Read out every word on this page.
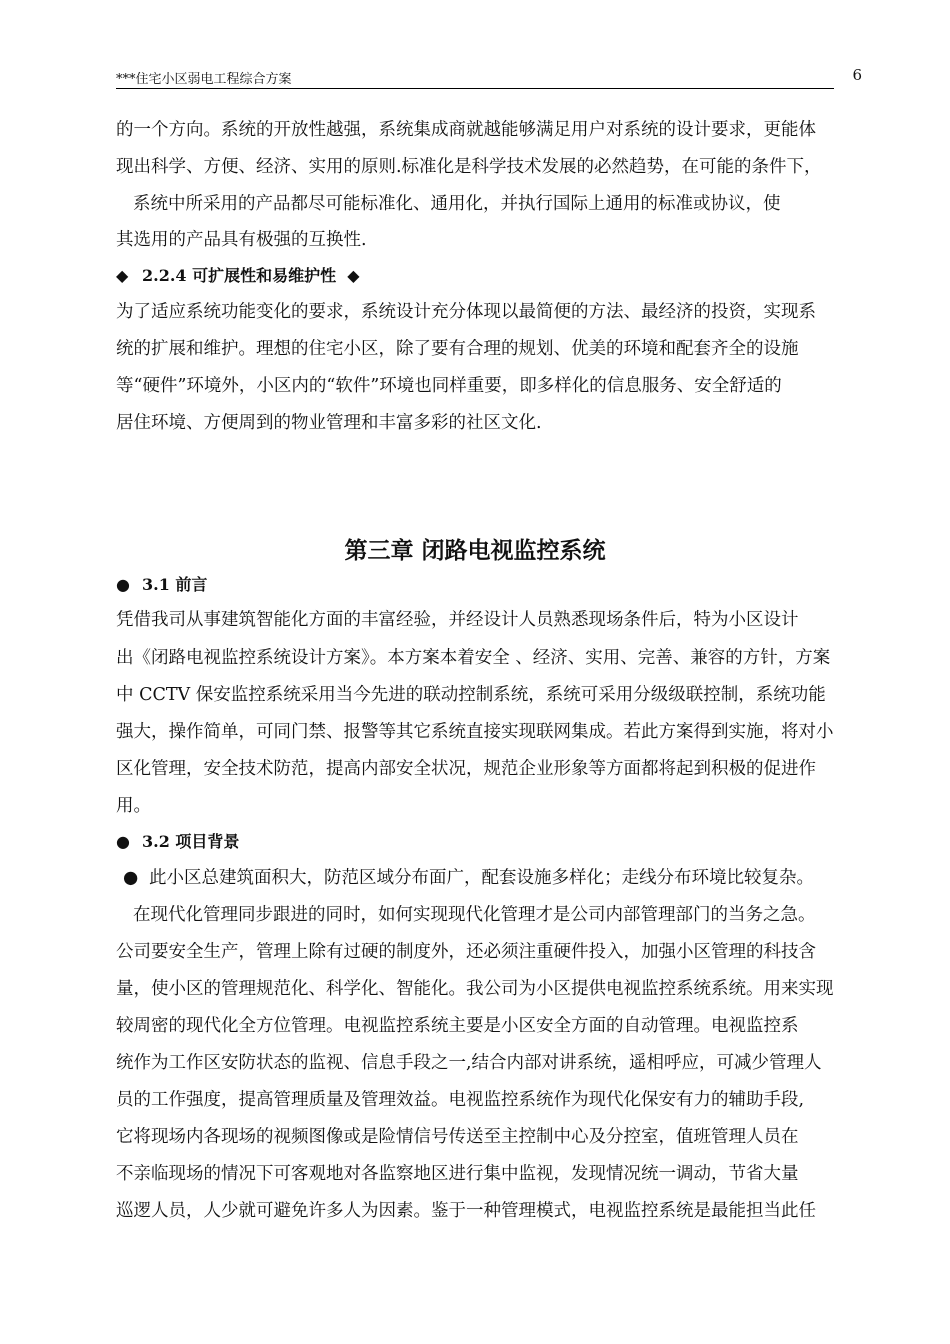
***住宅小区弱电工程综合方案	6
的一个方向。系统的开放性越强，系统集成商就越能够满足用户对系统的设计要求，更能体
现出科学、方便、经济、实用的原则.标准化是科学技术发展的必然趋势，在可能的条件下，
系统中所采用的产品都尽可能标准化、通用化，并执行国际上通用的标准或协议，使
其选用的产品具有极强的互换性.
◆ 2.2.4 可扩展性和易维护性 ◆
为了适应系统功能变化的要求，系统设计充分体现以最简便的方法、最经济的投资，实现系
统的扩展和维护。理想的住宅小区，除了要有合理的规划、优美的环境和配套齐全的设施
等“硬件”环境外，小区内的“软件”环境也同样重要，即多样化的信息服务、安全舒适的
居住环境、方便周到的物业管理和丰富多彩的社区文化.
第三章 闭路电视监控系统
● 3.1 前言
凭借我司从事建筑智能化方面的丰富经验，并经设计人员熟悉现场条件后，特为小区设计
出《闭路电视监控系统设计方案》。本方案本着安全 、经济、实用、完善、兼容的方针，方案
中 CCTV 保安监控系统采用当今先进的联动控制系统，系统可采用分级级联控制，系统功能
强大，操作简单，可同门禁、报警等其它系统直接实现联网集成。若此方案得到实施，将对小
区化管理，安全技术防范，提高内部安全状况，规范企业形象等方面都将起到积极的促进作
用。
● 3.2 项目背景
● 此小区总建筑面积大，防范区域分布面广，配套设施多样化；走线分布环境比较复杂。
在现代化管理同步跟进的同时，如何实现现代化管理才是公司内部管理部门的当务之急。
公司要安全生产，管理上除有过硬的制度外，还必须注重硬件投入，加强小区管理的科技含
量，使小区的管理规范化、科学化、智能化。我公司为小区提供电视监控系统系统。用来实现
较周密的现代化全方位管理。电视监控系统主要是小区安全方面的自动管理。电视监控系
统作为工作区安防状态的监视、信息手段之一,结合内部对讲系统，遥相呼应，可减少管理人
员的工作强度，提高管理质量及管理效益。电视监控系统作为现代化保安有力的辅助手段,
它将现场内各现场的视频图像或是险情信号传送至主控制中心及分控室，值班管理人员在
不亲临现场的情况下可客观地对各监察地区进行集中监视，发现情况统一调动，节省大量
巡逻人员，人少就可避免许多人为因素。鉴于一种管理模式，电视监控系统是最能担当此任
